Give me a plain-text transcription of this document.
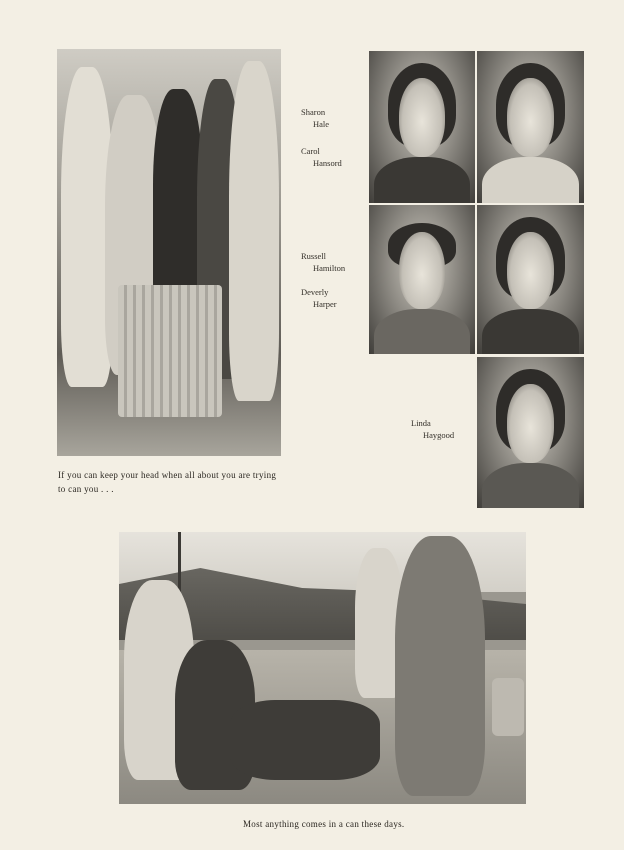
If you can keep your head when all about you are trying to can you . . .
Sharon
Hale
Carol
Hansord
Russell
Hamilton
Deverly
Harper
Linda
Haygood
Most anything comes in a can these days.
